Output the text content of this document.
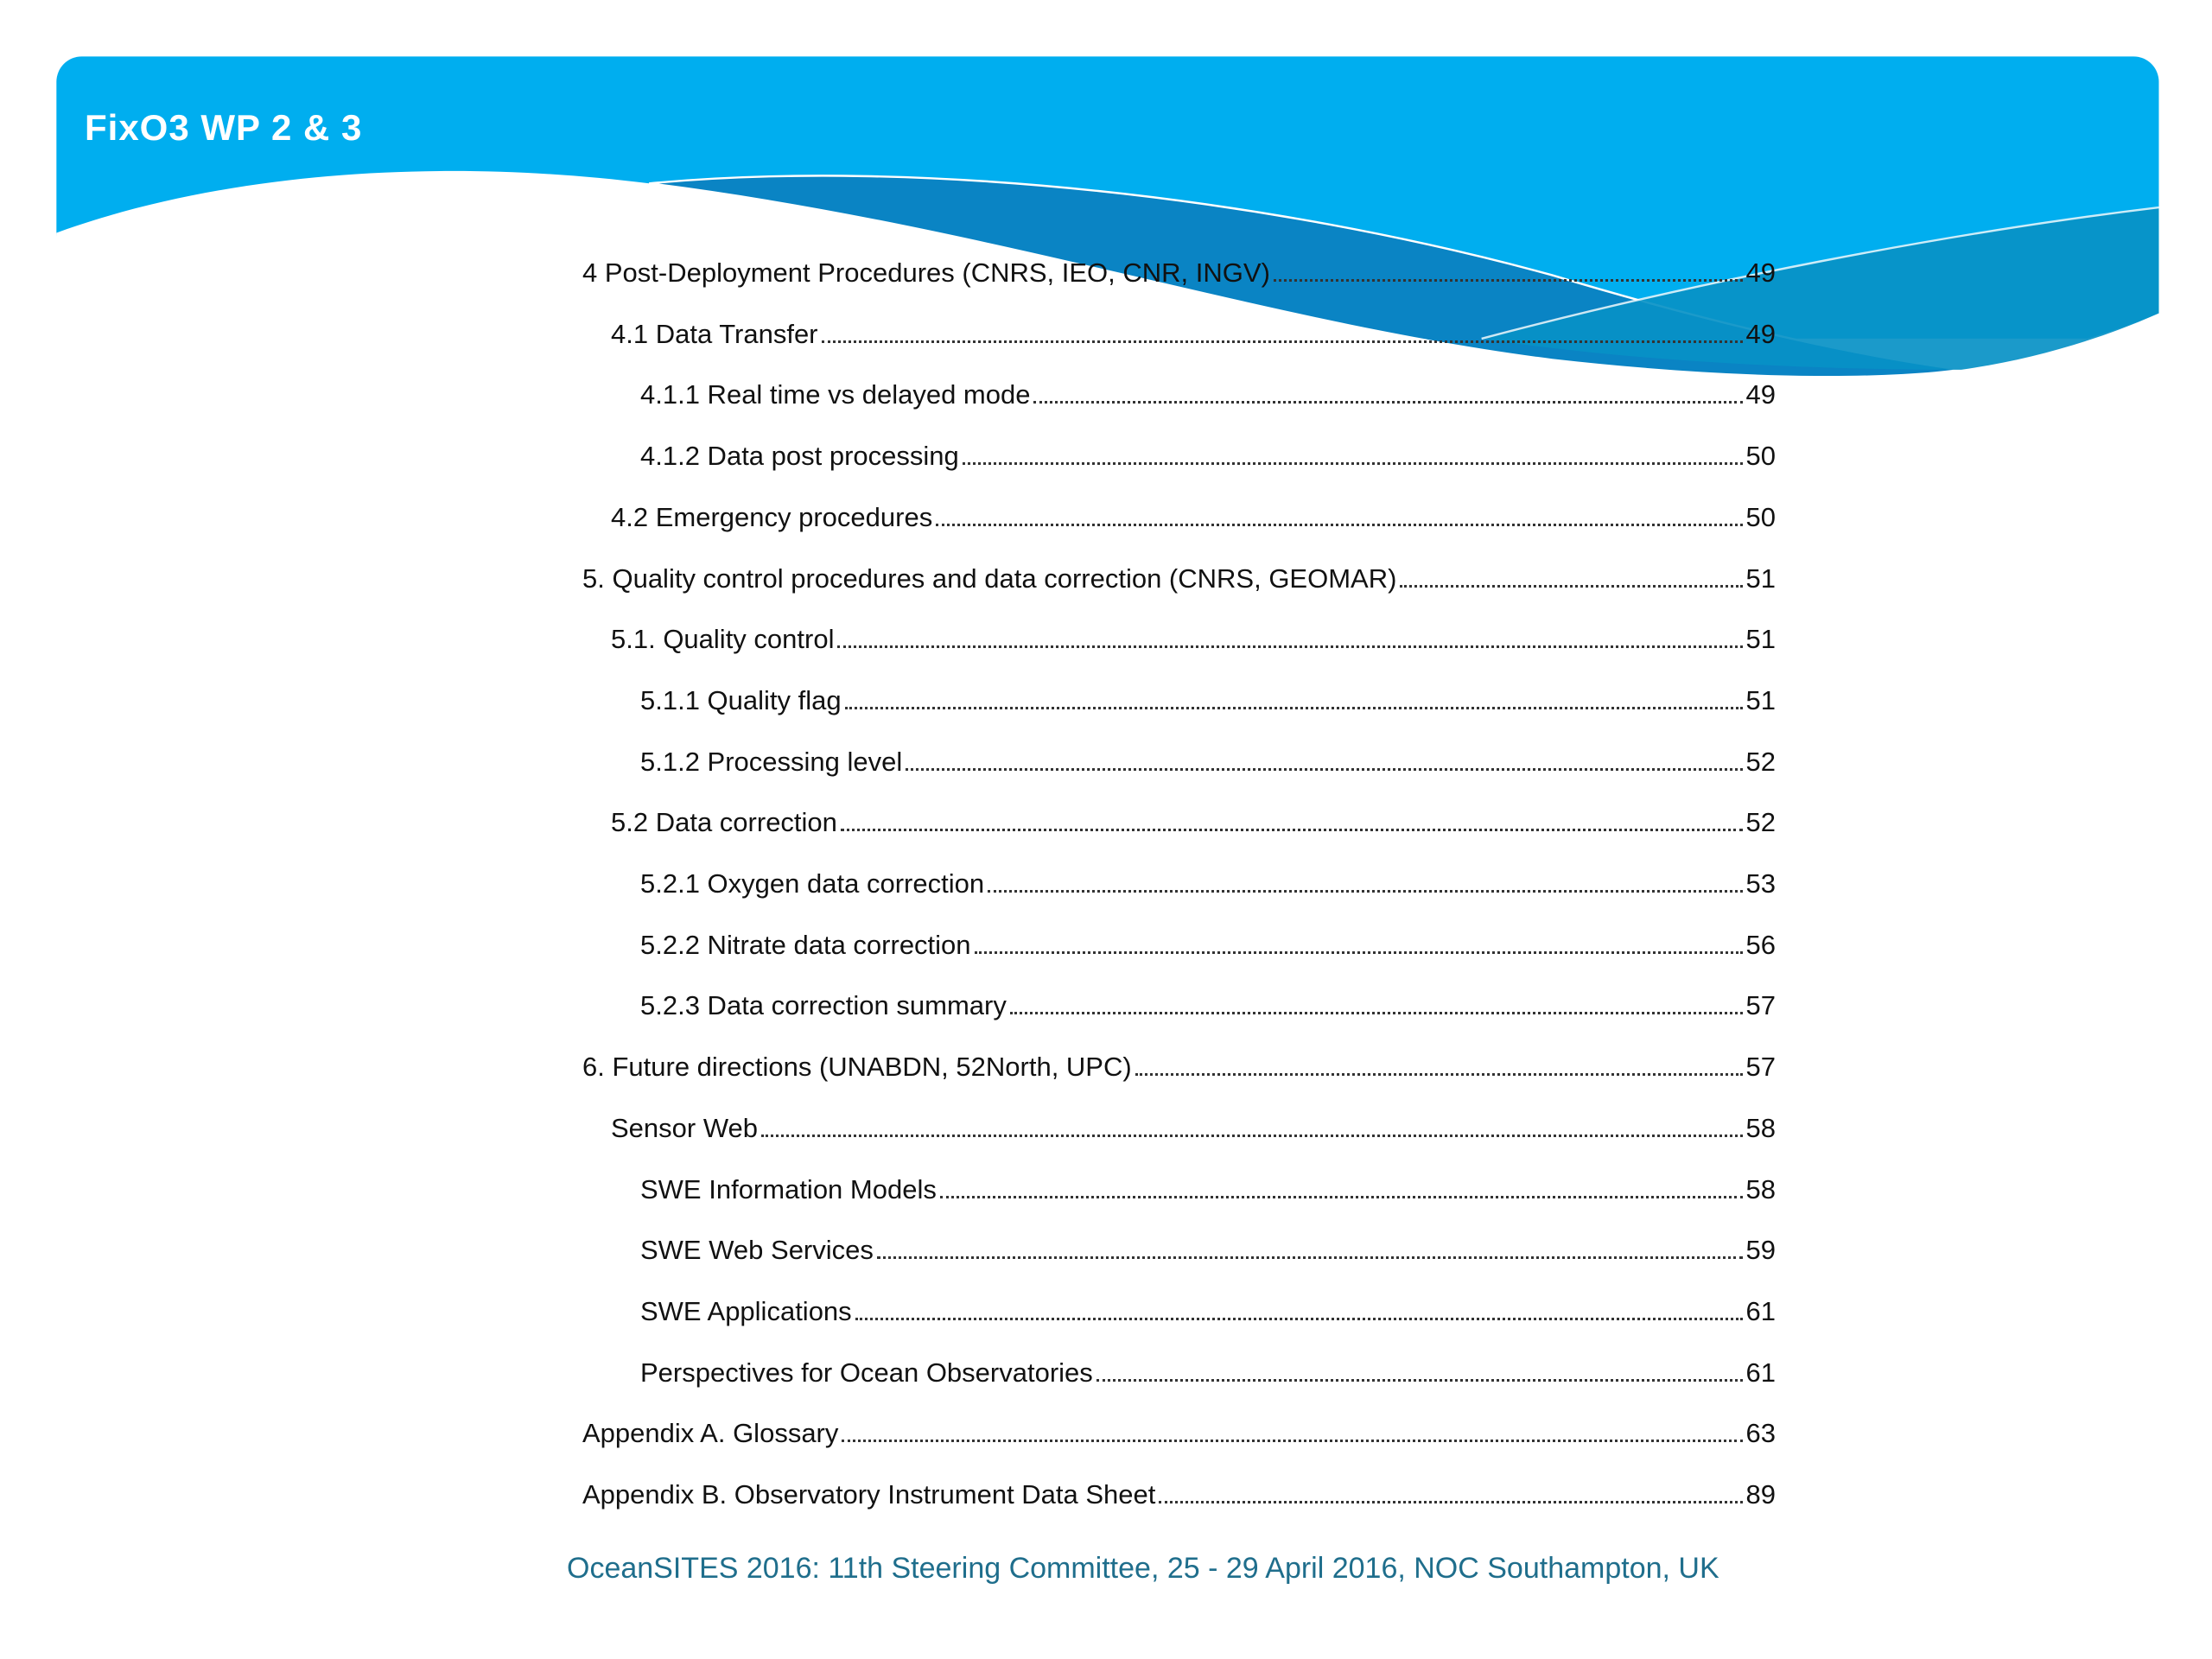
FixO3 WP 2 & 3
4 Post-Deployment Procedures (CNRS, IEO, CNR, INGV)	49
4.1 Data Transfer	49
4.1.1 Real time vs delayed mode	49
4.1.2 Data post processing	50
4.2 Emergency procedures	50
5. Quality control procedures and data correction (CNRS, GEOMAR)	51
5.1. Quality control	51
5.1.1 Quality flag	51
5.1.2 Processing level	52
5.2 Data correction	52
5.2.1 Oxygen data correction	53
5.2.2 Nitrate data correction	56
5.2.3 Data correction summary	57
6. Future directions (UNABDN, 52North, UPC)	57
Sensor Web	58
SWE Information Models	58
SWE Web Services	59
SWE Applications	61
Perspectives for Ocean Observatories	61
Appendix A. Glossary	63
Appendix B. Observatory Instrument Data Sheet	89
OceanSITES 2016: 11th Steering Committee, 25 - 29 April 2016, NOC Southampton, UK
